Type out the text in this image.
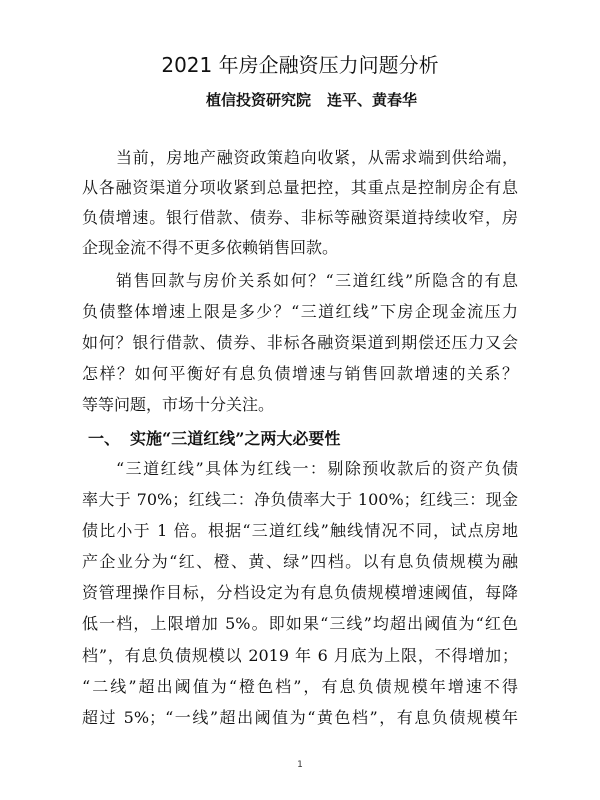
2021 年房企融资压力问题分析
植信投资研究院 连平、黄春华
当前，房地产融资政策趋向收紧，从需求端到供给端，
从各融资渠道分项收紧到总量把控，其重点是控制房企有息
负债增速。银行借款、债券、非标等融资渠道持续收窄，房
企现金流不得不更多依赖销售回款。
销售回款与房价关系如何？“三道红线”所隐含的有息
负债整体增速上限是多少？“三道红线”下房企现金流压力
如何？银行借款、债券、非标各融资渠道到期偿还压力又会
怎样？如何平衡好有息负债增速与销售回款增速的关系？
等等问题，市场十分关注。
一、 实施“三道红线”之两大必要性
“三道红线”具体为红线一：剔除预收款后的资产负债
率大于 70%；红线二：净负债率大于 100%；红线三：现金
债比小于 1 倍。根据“三道红线”触线情况不同，试点房地
产企业分为“红、橙、黄、绿”四档。以有息负债规模为融
资管理操作目标，分档设定为有息负债规模增速阈值，每降
低一档，上限增加 5%。即如果“三线”均超出阈值为“红色
档”，有息负债规模以 2019 年 6 月底为上限，不得增加；
“二线”超出阈值为“橙色档”，有息负债规模年增速不得
超过 5%；“一线”超出阈值为“黄色档”，有息负债规模年
1
